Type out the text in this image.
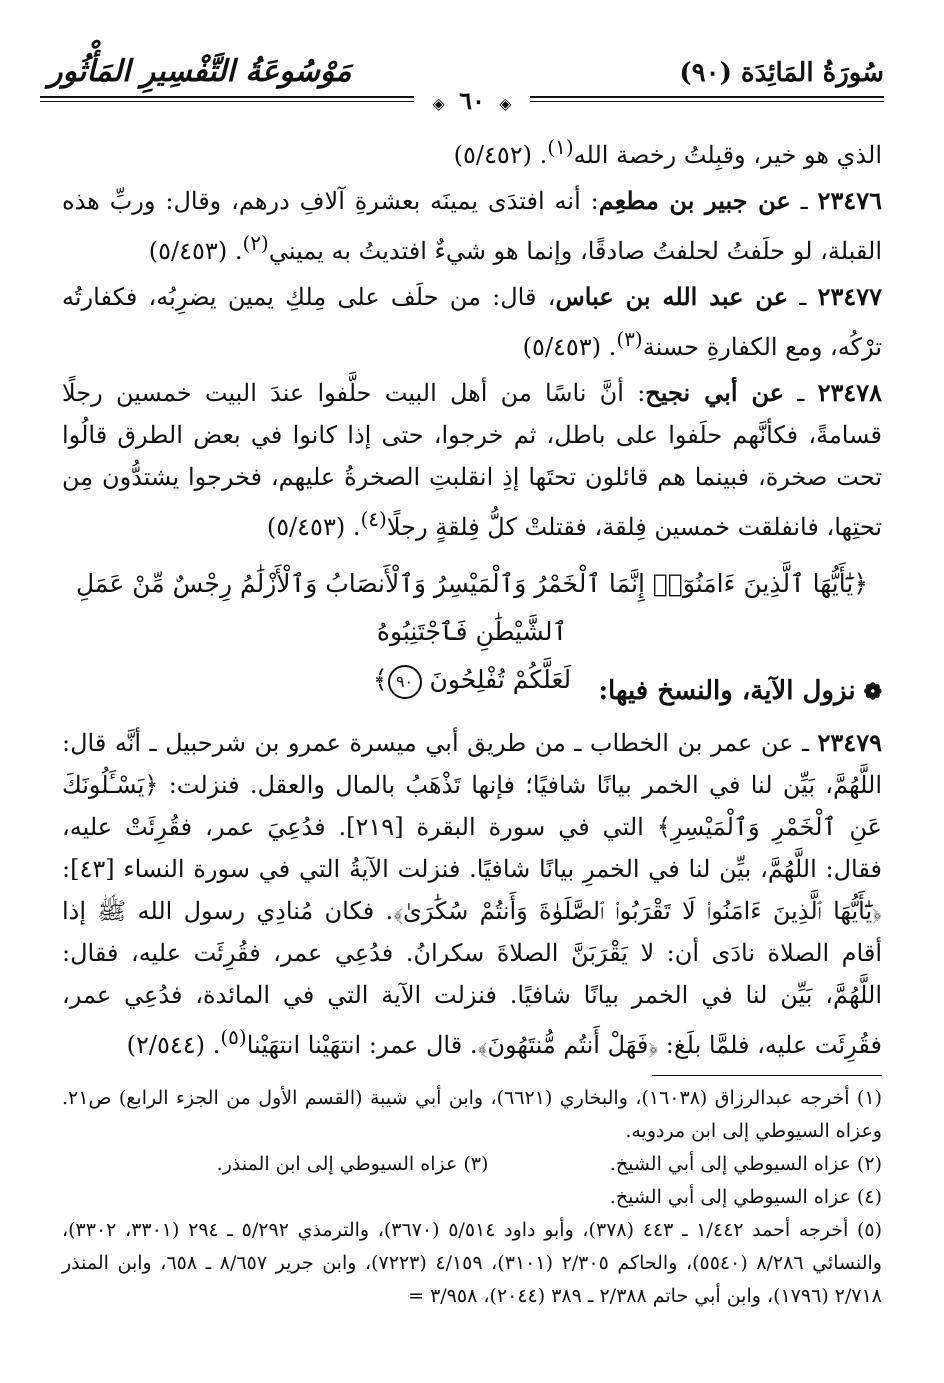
سُورَةُ المَائِدَة (٩٠)
مَوْسُوعَةُ التَّفْسِيرِ المَأْثُور
◈ ٦٠ ◈

الذي هو خير، وقبِلتُ رخصة الله$^{(١)}$. (٥/٤٥٢)

٢٣٤٧٦ ـ عن جبير بن مطعِم: أنه افتدَى يمينَه بعشرةِ آلافِ درهم، وقال: وربِّ هذه القبلة، لو حلَفتُ لحلفتُ صادقًا، وإنما هو شيءٌ افتديتُ به يميني$^{(٢)}$. (٥/٤٥٣)

٢٣٤٧٧ ـ عن عبد الله بن عباس، قال: من حلَف على مِلكِ يمين يضرِبُه، فكفارتُه ترْكُه، ومع الكفارةِ حسنة$^{(٣)}$. (٥/٤٥٣)

٢٣٤٧٨ ـ عن أبي نجيح: أنَّ ناسًا من أهل البيت حلَّفوا عندَ البيت خمسين رجلًا قسامةً، فكأنَّهم حلَفوا على باطل، ثم خرجوا، حتى إذا كانوا في بعض الطرق قالُوا تحت صخرة، فبينما هم قائلون تحتَها إذِ انقلبتِ الصخرةُ عليهم، فخرجوا يشتدُّون مِن تحتِها، فانفلقت خمسين فِلقة، فقتلتْ كلُّ فِلقةٍ رجلًا$^{(٤)}$. (٥/٤٥٣)

﴿يَٰٓأَيُّهَا ٱلَّذِينَ ءَامَنُوٓا۟ إِنَّمَا ٱلْخَمْرُ وَٱلْمَيْسِرُ وَٱلْأَنصَابُ وَٱلْأَزْلَٰمُ رِجْسٌ مِّنْ عَمَلِ ٱلشَّيْطَٰنِ فَٱجْتَنِبُوهُ
لَعَلَّكُمْ تُفْلِحُونَ ٩٠﴾	❁نزول الآية، والنسخ فيها:
٢٣٤٧٩ ـ عن عمر بن الخطاب ـ من طريق أبي ميسرة عمرو بن شرحبيل ـ أنَّه قال: اللَّهُمَّ، بَيِّن لنا في الخمر بيانًا شافيًا؛ فإنها تَذْهَبُ بالمال والعقل. فنزلت: ﴿يَسْـَٔلُونَكَ عَنِ ٱلْخَمْرِ وَٱلْمَيْسِرِ﴾ التي في سورة البقرة [٢١٩]. فدُعِيَ عمر، فقُرِئَتْ عليه، فقال: اللَّهُمَّ، بيِّن لنا في الخمرِ بيانًا شافيًا. فنزلت الآيةُ التي في سورة النساء [٤٣]: ﴿يَٰٓأَيُّهَا ٱلَّذِينَ ءَامَنُوا۟ لَا تَقْرَبُوا۟ ٱلصَّلَوٰةَ وَأَنتُمْ سُكَٰرَىٰ﴾. فكان مُنادِي رسول الله ﷺ إذا أقام الصلاة نادَى أن: لا يَقْرَبَنَّ الصلاةَ سكرانُ. فدُعِي عمر، فقُرِئَت عليه، فقال: اللَّهُمَّ، بَيِّن لنا في الخمر بيانًا شافيًا. فنزلت الآية التي في المائدة، فدُعِي عمر، فقُرِئَت عليه، فلمَّا بلَغ: ﴿فَهَلْ أَنتُم مُّنتَهُونَ﴾. قال عمر: انتهَيْنا انتهَيْنا$^{(٥)}$. (٢/٥٤٤)

(١) أخرجه عبدالرزاق (١٦٠٣٨)، والبخاري (٦٦٢١)، وابن أبي شيبة (القسم الأول من الجزء الرابع) ص٢١. وعزاه السيوطي إلى ابن مردويه.

(٢) عزاه السيوطي إلى أبي الشيخ.

(٣) عزاه السيوطي إلى ابن المنذر.

(٤) عزاه السيوطي إلى أبي الشيخ.

(٥) أخرجه أحمد ١/٤٤٢ ـ ٤٤٣ (٣٧٨)، وأبو داود ٥/٥١٤ (٣٦٧٠)، والترمذي ٥/٢٩٢ ـ ٢٩٤ (٣٣٠١، ٣٣٠٢)، والنسائي ٨/٢٨٦ (٥٥٤٠)، والحاكم ٢/٣٠٥ (٣١٠١)، ٤/١٥٩ (٧٢٢٣)، وابن جرير ٨/٦٥٧ ـ ٦٥٨، وابن المنذر ٢/٧١٨ (١٧٩٦)، وابن أبي حاتم ٢/٣٨٨ ـ ٣٨٩ (٢٠٤٤)، ٣/٩٥٨ =
